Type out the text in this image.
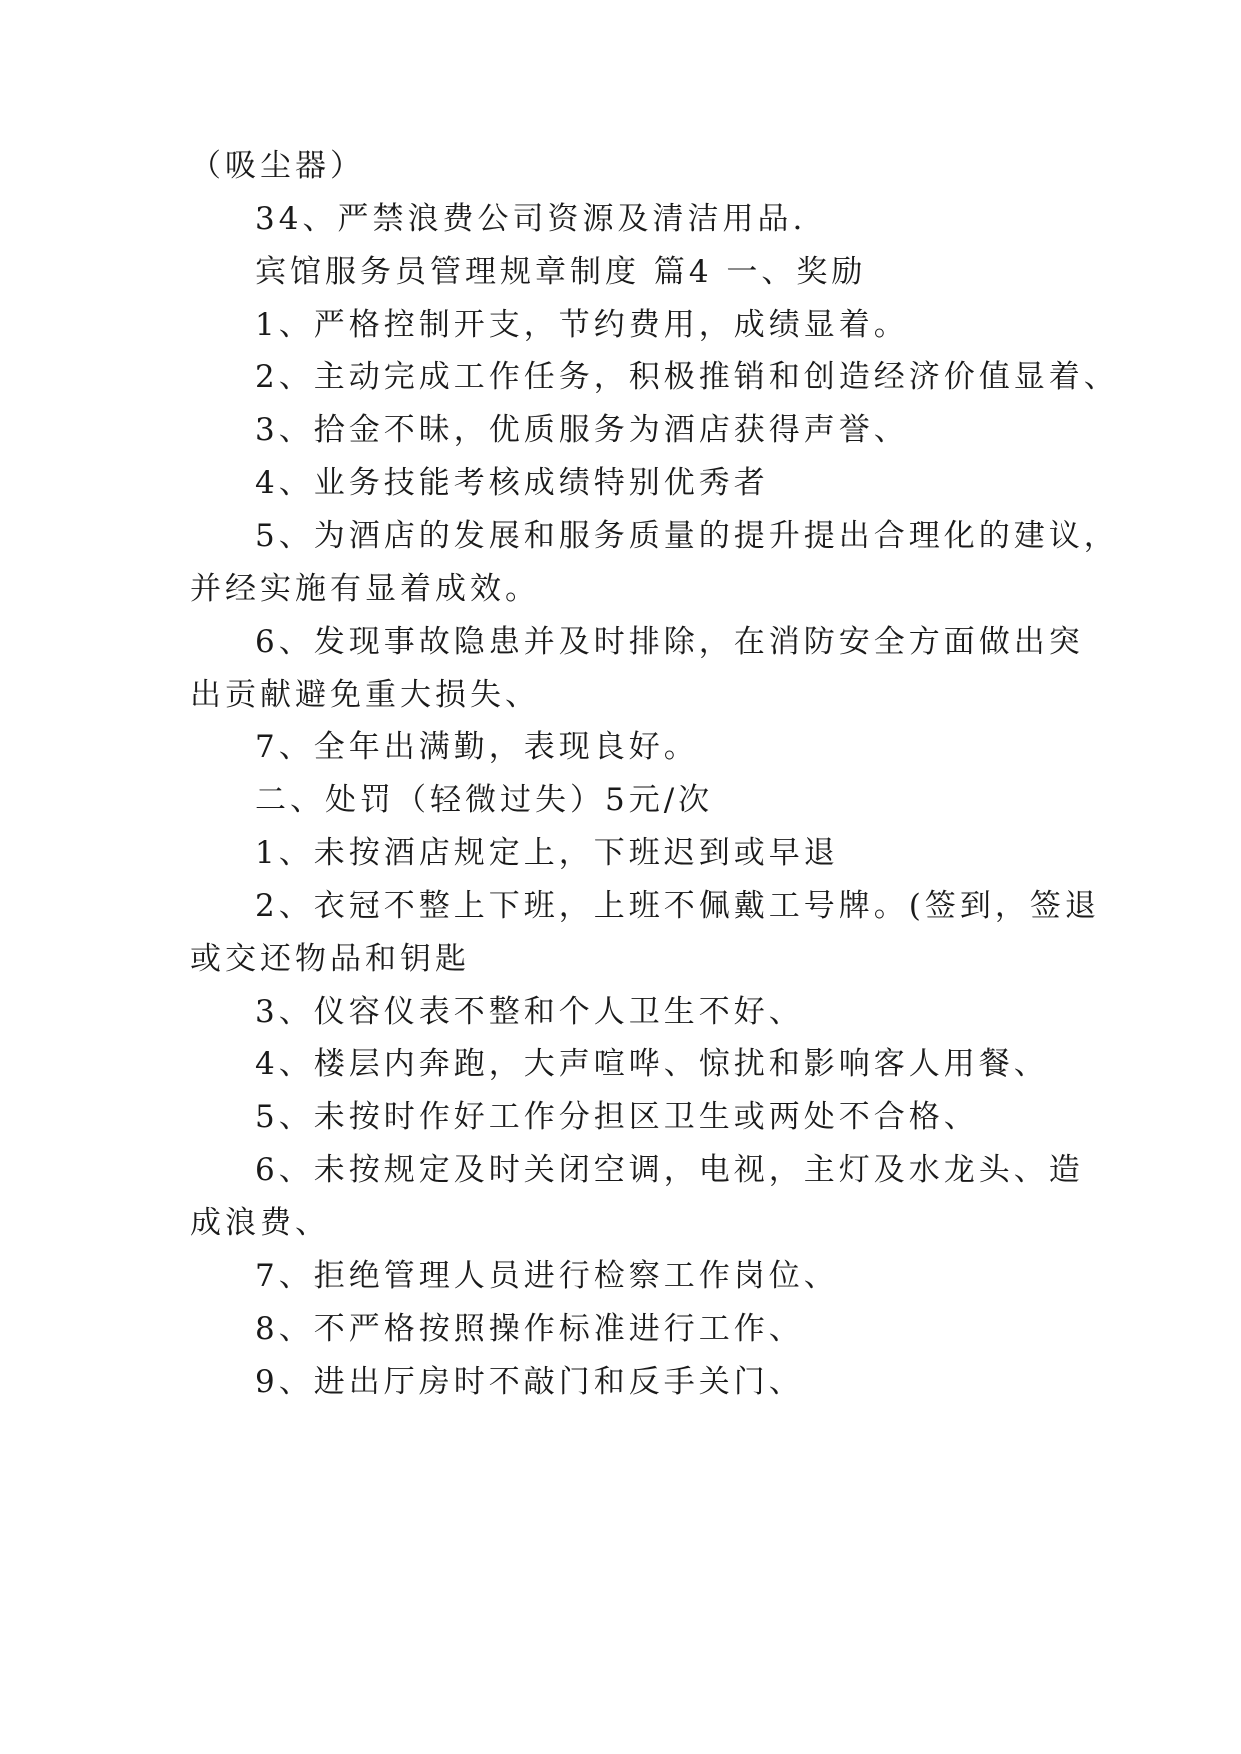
（吸尘器）
34、严禁浪费公司资源及清洁用品.
宾馆服务员管理规章制度 篇4 一、奖励
1、严格控制开支，节约费用，成绩显着。
2、主动完成工作任务，积极推销和创造经济价值显着、
3、拾金不昧，优质服务为酒店获得声誉、
4、业务技能考核成绩特别优秀者
5、为酒店的发展和服务质量的提升提出合理化的建议，
并经实施有显着成效。
6、发现事故隐患并及时排除，在消防安全方面做出突
出贡献避免重大损失、
7、全年出满勤，表现良好。
二、处罚（轻微过失）5元/次
1、未按酒店规定上，下班迟到或早退
2、衣冠不整上下班，上班不佩戴工号牌。(签到，签退
或交还物品和钥匙
3、仪容仪表不整和个人卫生不好、
4、楼层内奔跑，大声喧哗、惊扰和影响客人用餐、
5、未按时作好工作分担区卫生或两处不合格、
6、未按规定及时关闭空调，电视，主灯及水龙头、造
成浪费、
7、拒绝管理人员进行检察工作岗位、
8、不严格按照操作标准进行工作、
9、进出厅房时不敲门和反手关门、
